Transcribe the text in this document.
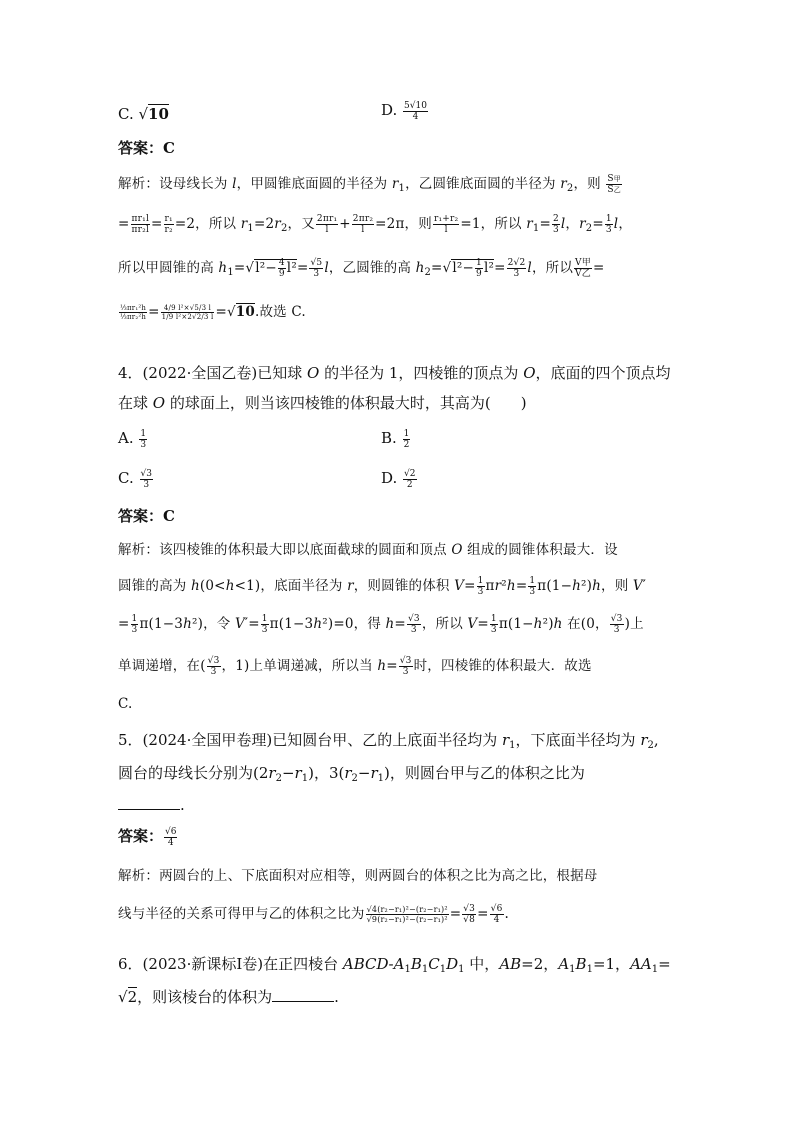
C. √10	D. $\frac{5√10}{4}$
答案：C
解析：设母线长为 l，甲圆锥底面圆的半径为 $r_1$，乙圆锥底面圆的半径为 $r_2$，则 $\frac{\text{S甲}}{\text{S乙}}$
= $\frac{\text{πr₁l}}{\text{πr₂l}} = \frac{\text{r₁}}{\text{r₂}} =2$，所以 $r_1=2r_2$，又 $\frac{\text{2πr₁}}{l} + \frac{\text{2πr₂}}{l} =2\pi$，则 $\frac{\text{r₁+r₂}}{l} =1$，所以 $r_1= \frac{2}{3}$ l，$r_2= \frac{1}{3}$ l，
所以甲圆锥的高 $h_1=√l^2- \frac{4}{9} l^2= \frac{√5}{3}$ l，乙圆锥的高 $h_2=√l^2- \frac{1}{9} l^2= \frac{2√2}{3}$ l，所以 $\frac{\text{V甲}}{\text{V乙}}$ =
$\frac{\text{⅓πr₁²h}}{\text{⅓πr₂²h}} = \frac{\text{4/9 l²×√5/3 l}}{\text{1/9 l²×2√2/3 l}} =√10$.故选 C.
4．(2022·全国乙卷)已知球 O 的半径为 1，四棱锥的顶点为 O，底面的四个顶点均
在球 O 的球面上，则当该四棱锥的体积最大时，其高为(　　)
A. $\frac{1}{3}$	B. $\frac{1}{2}$
C. $\frac{√3}{3}$	D. $\frac{√2}{2}$
答案：C
解析：该四棱锥的体积最大即以底面截球的圆面和顶点 O 组成的圆锥体积最大．设
圆锥的高为 h(0<h<1)，底面半径为 r，则圆锥的体积 $V= \frac{1}{3} \pi r^2h= \frac{1}{3} \pi(1-h^2)h$，则 V′
= $\frac{1}{3} \pi(1-3h^2)$，令 $V'= \frac{1}{3} \pi(1-3h^2)=0$，得 $h= \frac{√3}{3}$ ，所以 $V= \frac{1}{3} \pi(1-h^2)h$ 在(0， $\frac{√3}{3}$ )上
单调递增，在( $\frac{√3}{3}$ ，1)上单调递减，所以当 $h= \frac{√3}{3}$ 时，四棱锥的体积最大．故选
C.
5．(2024·全国甲卷理)已知圆台甲、乙的上底面半径均为 $r_1$，下底面半径均为 $r_2$,
圆台的母线长分别为$(2r_2-r_1)$，$3(r_2-r_1)$，则圆台甲与乙的体积之比为
.
答案： $\frac{√6}{4}$
解析：两圆台的上、下底面积对应相等，则两圆台的体积之比为高之比，根据母
线与半径的关系可得甲与乙的体积之比为 $\frac{\text{√4(r₂−r₁)²−(r₂−r₁)²}}{\text{√9(r₂−r₁)²−(r₂−r₁)²}} = \frac{√3}{√8} = \frac{√6}{4}$ .
6．(2023·新课标Ⅰ卷)在正四棱台 ABCD-$A_1B_1C_1D_1$ 中，AB=2，$A_1B_1=1$，$AA_1=$
√2，则该棱台的体积为	.
